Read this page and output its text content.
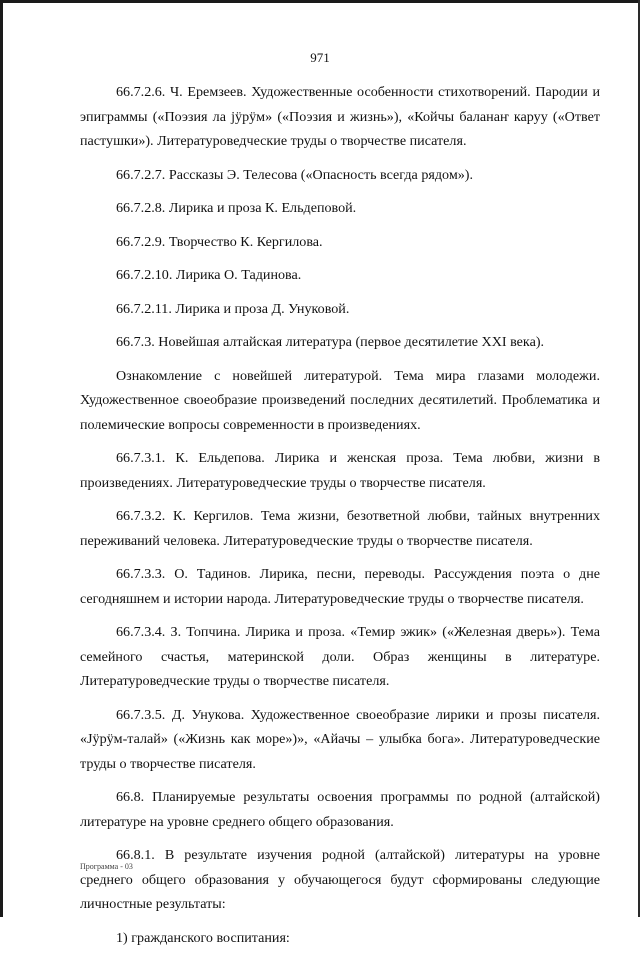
971

66.7.2.6. Ч. Еремзеев. Художественные особенности стихотворений. Пародии и эпиграммы («Поэзия ла јӱрӱм» («Поэзия и жизнь»), «Койчы баланаҥ каруу («Ответ пастушки»). Литературоведческие труды о творчестве писателя.

66.7.2.7. Рассказы Э. Телесова («Опасность всегда рядом»).

66.7.2.8. Лирика и проза К. Ельдеповой.

66.7.2.9. Творчество К. Кергилова.

66.7.2.10. Лирика О. Тадинова.

66.7.2.11. Лирика и проза Д. Унуковой.

66.7.3. Новейшая алтайская литература (первое десятилетие XXI века).

Ознакомление с новейшей литературой. Тема мира глазами молодежи. Художественное своеобразие произведений последних десятилетий. Проблематика и полемические вопросы современности в произведениях.

66.7.3.1. К. Ельдепова. Лирика и женская проза. Тема любви, жизни в произведениях. Литературоведческие труды о творчестве писателя.

66.7.3.2. К. Кергилов. Тема жизни, безответной любви, тайных внутренних переживаний человека. Литературоведческие труды о творчестве писателя.

66.7.3.3. О. Тадинов. Лирика, песни, переводы. Рассуждения поэта о дне сегодняшнем и истории народа. Литературоведческие труды о творчестве писателя.

66.7.3.4. З. Топчина. Лирика и проза. «Темир эжик» («Железная дверь»). Тема семейного счастья, материнской доли. Образ женщины в литературе. Литературоведческие труды о творчестве писателя.

66.7.3.5. Д. Унукова. Художественное своеобразие лирики и прозы писателя. «Јӱрӱм-талай» («Жизнь как море»)», «Айачы – улыбка бога». Литературоведческие труды о творчестве писателя.

66.8. Планируемые результаты освоения программы по родной (алтайской) литературе на уровне среднего общего образования.

66.8.1. В результате изучения родной (алтайской) литературы на уровне среднего общего образования у обучающегося будут сформированы следующие личностные результаты:

1) гражданского воспитания:

Программа - 03
